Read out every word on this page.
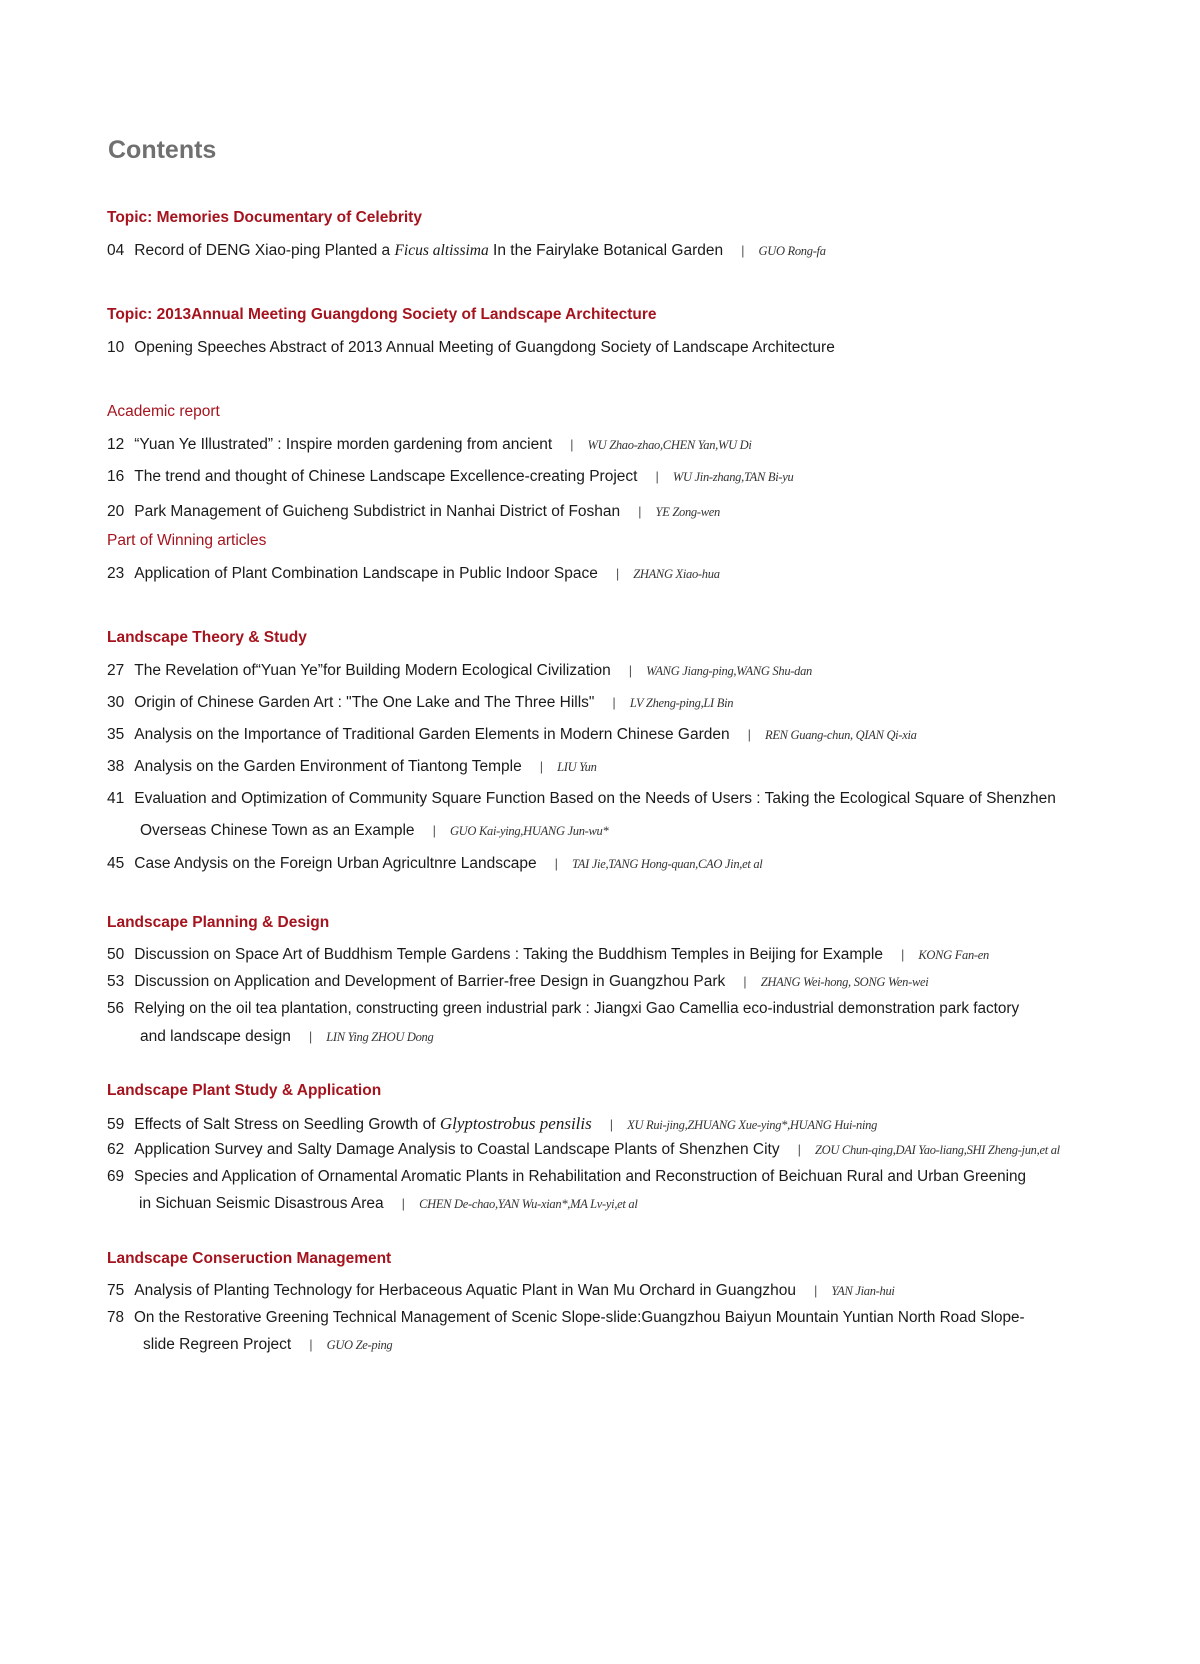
Contents
Topic: Memories Documentary of Celebrity
04 Record of DENG Xiao-ping Planted a Ficus altissima In the Fairylake Botanical Garden | GUO Rong-fa
Topic: 2013Annual Meeting Guangdong Society of Landscape Architecture
10 Opening Speeches Abstract of 2013 Annual Meeting of Guangdong Society of Landscape Architecture
Academic report
12 “Yuan Ye Illustrated” : Inspire morden gardening from ancient | WU Zhao-zhao,CHEN Yan,WU Di
16 The trend and thought of Chinese Landscape Excellence-creating Project | WU Jin-zhang,TAN Bi-yu
20 Park Management of Guicheng Subdistrict in Nanhai District of Foshan | YE Zong-wen
Part of Winning articles
23 Application of Plant Combination Landscape in Public Indoor Space | ZHANG Xiao-hua
Landscape Theory & Study
27 The Revelation of“Yuan Ye”for Building Modern Ecological Civilization | WANG Jiang-ping,WANG Shu-dan
30 Origin of Chinese Garden Art : "The One Lake and The Three Hills" | LV Zheng-ping,LI Bin
35 Analysis on the Importance of Traditional Garden Elements in Modern Chinese Garden | REN Guang-chun, QIAN Qi-xia
38 Analysis on the Garden Environment of Tiantong Temple | LIU Yun
41 Evaluation and Optimization of Community Square Function Based on the Needs of Users : Taking the Ecological Square of Shenzhen
Overseas Chinese Town as an Example | GUO Kai-ying,HUANG Jun-wu*
45 Case Andysis on the Foreign Urban Agricultnre Landscape | TAI Jie,TANG Hong-quan,CAO Jin,et al
Landscape Planning & Design
50 Discussion on Space Art of Buddhism Temple Gardens : Taking the Buddhism Temples in Beijing for Example | KONG Fan-en
53 Discussion on Application and Development of Barrier-free Design in Guangzhou Park | ZHANG Wei-hong, SONG Wen-wei
56 Relying on the oil tea plantation, constructing green industrial park : Jiangxi Gao Camellia eco-industrial demonstration park factory
and landscape design | LIN Ying ZHOU Dong
Landscape Plant Study & Application
59 Effects of Salt Stress on Seedling Growth of Glyptostrobus pensilis | XU Rui-jing,ZHUANG Xue-ying*,HUANG Hui-ning
62 Application Survey and Salty Damage Analysis to Coastal Landscape Plants of Shenzhen City | ZOU Chun-qing,DAI Yao-liang,SHI Zheng-jun,et al
69 Species and Application of Ornamental Aromatic Plants in Rehabilitation and Reconstruction of Beichuan Rural and Urban Greening
in Sichuan Seismic Disastrous Area | CHEN De-chao,YAN Wu-xian*,MA Lv-yi,et al
Landscape Conseruction Management
75 Analysis of Planting Technology for Herbaceous Aquatic Plant in Wan Mu Orchard in Guangzhou | YAN Jian-hui
78 On the Restorative Greening Technical Management of Scenic Slope-slide:Guangzhou Baiyun Mountain Yuntian North Road Slope-
slide Regreen Project | GUO Ze-ping
